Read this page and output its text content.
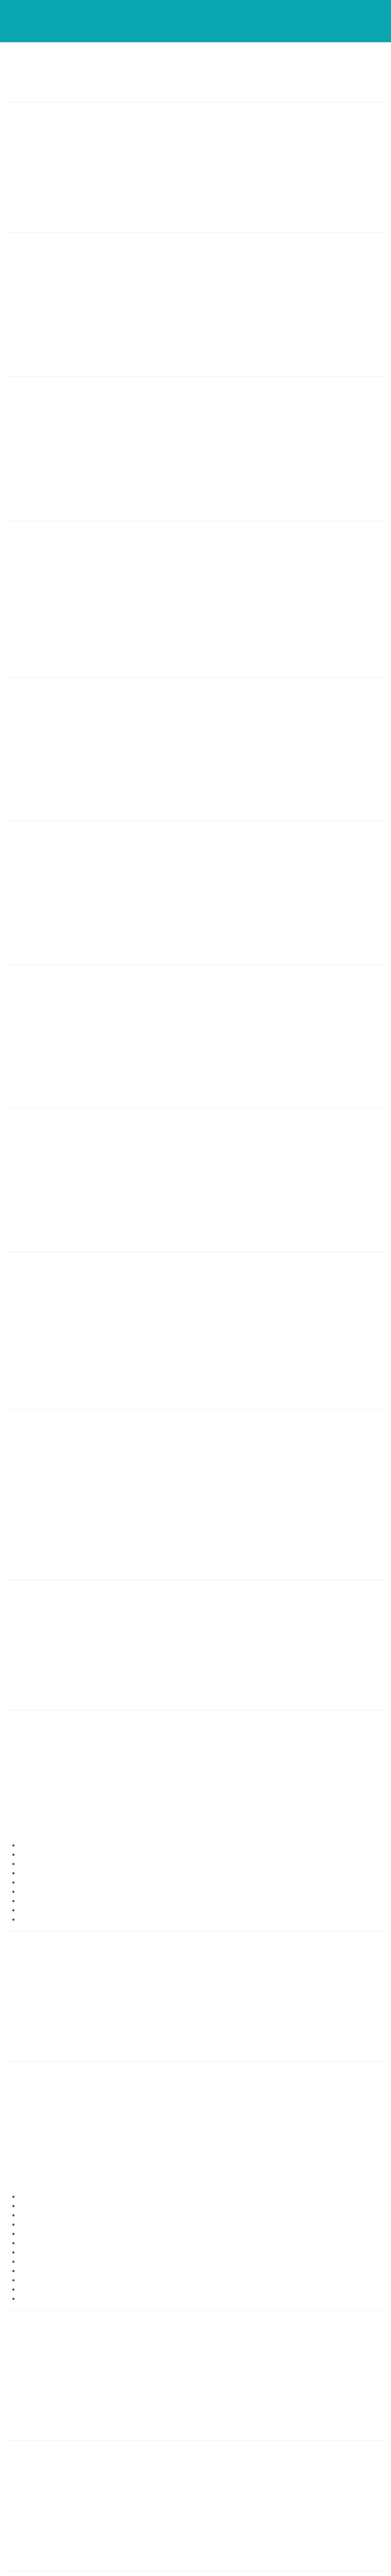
•
•
•
•
•
•
•
•
•
•
•
•
•
•
•
•
•
•
•
•
•
